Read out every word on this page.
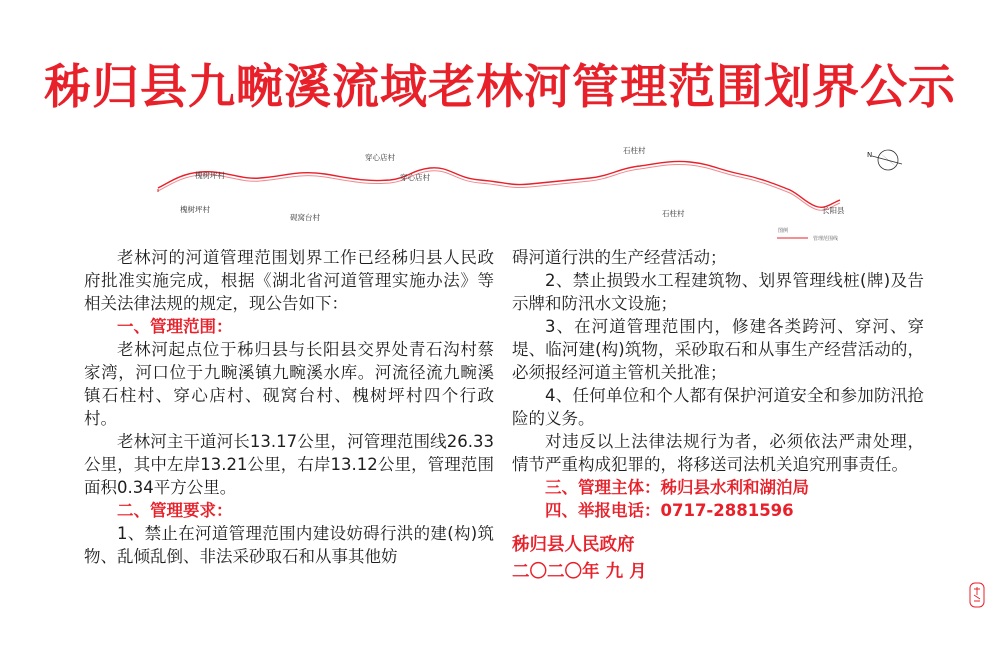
秭归县九畹溪流域老林河管理范围划界公示
槐树坪村
槐树坪村
砚窝台村
穿心店村
穿心店村
石柱村
石柱村	长阳县
N
图例
管理范围线

老林河的河道管理范围划界工作已经秭归县人民政府批准实施完成，根据《湖北省河道管理实施办法》等相关法律法规的规定，现公告如下：

一、管理范围：

老林河起点位于秭归县与长阳县交界处青石沟村蔡家湾，河口位于九畹溪镇九畹溪水库。河流径流九畹溪镇石柱村、穿心店村、砚窝台村、槐树坪村四个行政村。

老林河主干道河长13.17公里，河管理范围线26.33公里，其中左岸13.21公里，右岸13.12公里，管理范围面积0.34平方公里。

二、管理要求：

1、禁止在河道管理范围内建设妨碍行洪的建(构)筑物、乱倾乱倒、非法采砂取石和从事其他妨

碍河道行洪的生产经营活动；

2、禁止损毁水工程建筑物、划界管理线桩(牌)及告示牌和防汛水文设施；

3、在河道管理范围内，修建各类跨河、穿河、穿堤、临河建(构)筑物，采砂取石和从事生产经营活动的，必须报经河道主管机关批准；

4、任何单位和个人都有保护河道安全和参加防汛抢险的义务。

对违反以上法律法规行为者，必须依法严肃处理，情节严重构成犯罪的，将移送司法机关追究刑事责任。

三、管理主体：秭归县水利和湖泊局

四、举报电话：0717-2881596

秭归县人民政府

二〇二〇年 九 月
